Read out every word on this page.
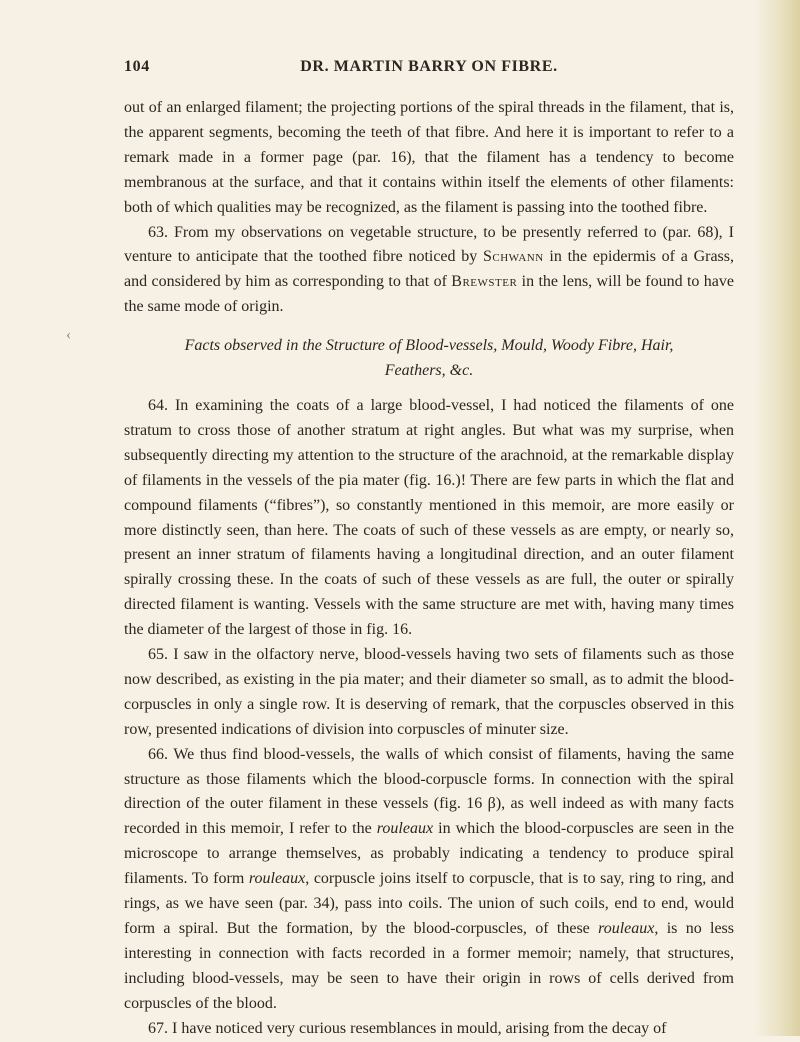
‹
104	DR. MARTIN BARRY ON FIBRE.

out of an enlarged filament; the projecting portions of the spiral threads in the filament, that is, the apparent segments, becoming the teeth of that fibre. And here it is important to refer to a remark made in a former page (par. 16), that the filament has a tendency to become membranous at the surface, and that it contains within itself the elements of other filaments: both of which qualities may be recognized, as the filament is passing into the toothed fibre.

63. From my observations on vegetable structure, to be presently referred to (par. 68), I venture to anticipate that the toothed fibre noticed by Schwann in the epidermis of a Grass, and considered by him as corresponding to that of Brewster in the lens, will be found to have the same mode of origin.

Facts observed in the Structure of Blood-vessels, Mould, Woody Fibre, Hair,
Feathers, &c.

64. In examining the coats of a large blood-vessel, I had noticed the filaments of one stratum to cross those of another stratum at right angles. But what was my surprise, when subsequently directing my attention to the structure of the arachnoid, at the remarkable display of filaments in the vessels of the pia mater (fig. 16.)! There are few parts in which the flat and compound filaments (“fibres”), so constantly mentioned in this memoir, are more easily or more distinctly seen, than here. The coats of such of these vessels as are empty, or nearly so, present an inner stratum of filaments having a longitudinal direction, and an outer filament spirally crossing these. In the coats of such of these vessels as are full, the outer or spirally directed filament is wanting. Vessels with the same structure are met with, having many times the diameter of the largest of those in fig. 16.

65. I saw in the olfactory nerve, blood-vessels having two sets of filaments such as those now described, as existing in the pia mater; and their diameter so small, as to admit the blood-corpuscles in only a single row. It is deserving of remark, that the corpuscles observed in this row, presented indications of division into corpuscles of minuter size.

66. We thus find blood-vessels, the walls of which consist of filaments, having the same structure as those filaments which the blood-corpuscle forms. In connection with the spiral direction of the outer filament in these vessels (fig. 16 β), as well indeed as with many facts recorded in this memoir, I refer to the rouleaux in which the blood-corpuscles are seen in the microscope to arrange themselves, as probably indicating a tendency to produce spiral filaments. To form rouleaux, corpuscle joins itself to corpuscle, that is to say, ring to ring, and rings, as we have seen (par. 34), pass into coils. The union of such coils, end to end, would form a spiral. But the formation, by the blood-corpuscles, of these rouleaux, is no less interesting in connection with facts recorded in a former memoir; namely, that structures, including blood-vessels, may be seen to have their origin in rows of cells derived from corpuscles of the blood.

67. I have noticed very curious resemblances in mould, arising from the decay of
